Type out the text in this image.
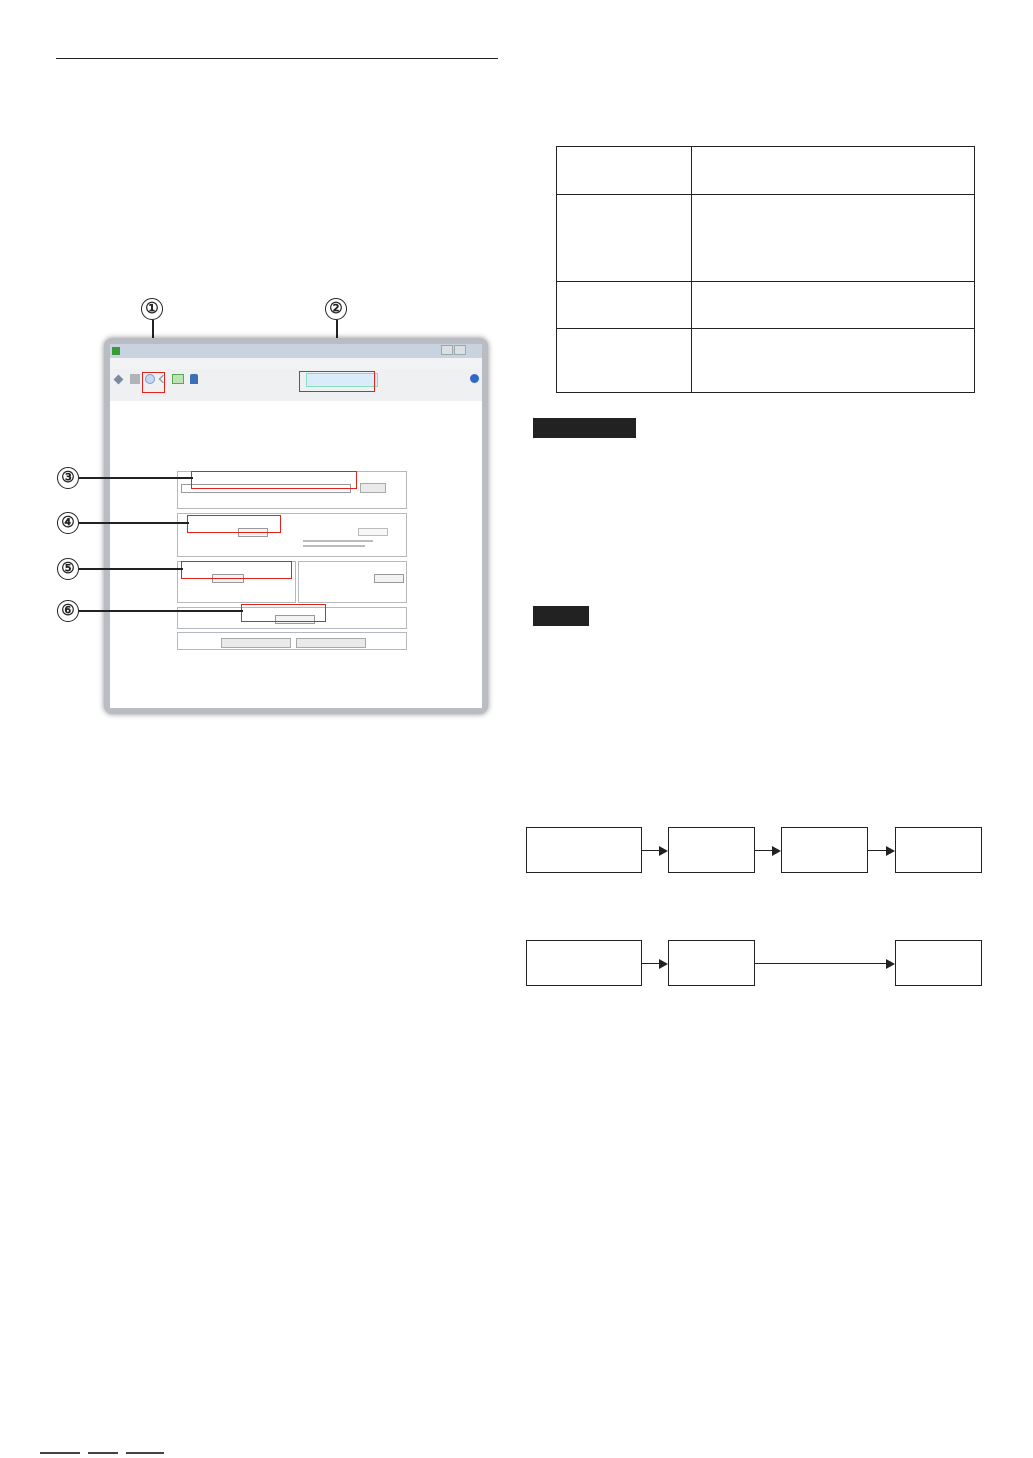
①	②
③
④
⑤
⑥
